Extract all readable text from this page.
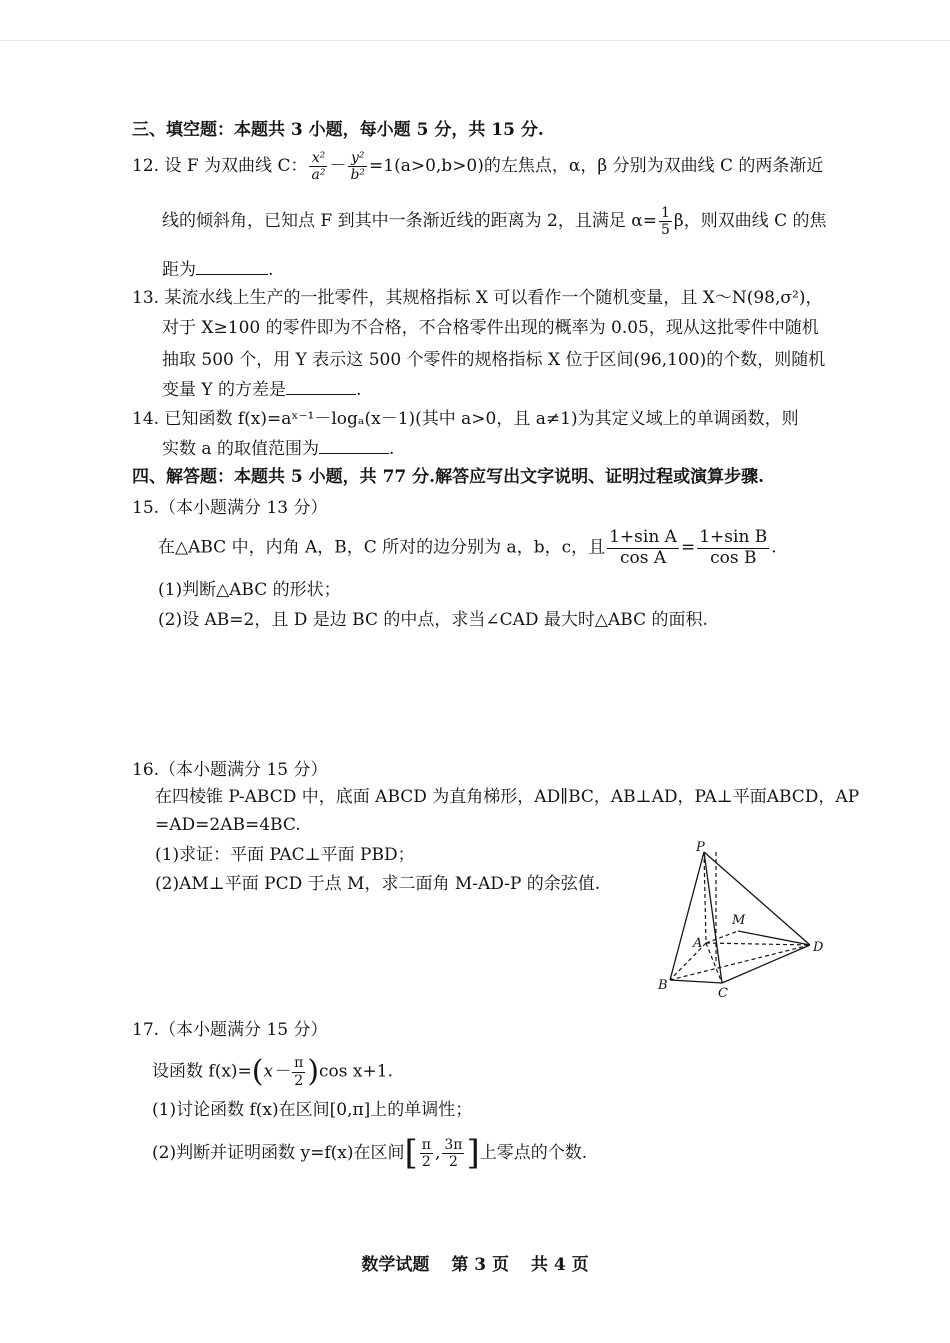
三、填空题：本题共 3 小题，每小题 5 分，共 15 分.
12. 设 F 为双曲线 C： $\frac{\text{x²}}{\text{a²}} - \frac{\text{y²}}{\text{b²}} =1(a>0,b>0)$的左焦点，α，β 分别为双曲线 C 的两条渐近
线的倾斜角，已知点 F 到其中一条渐近线的距离为 2，且满足 $\alpha= \frac{1}{5}$ β，则双曲线 C 的焦
距为	.
13. 某流水线上生产的一批零件，其规格指标 X 可以看作一个随机变量，且 X～N(98,σ²)，
对于 X≥100 的零件即为不合格，不合格零件出现的概率为 0.05，现从这批零件中随机
抽取 500 个，用 Y 表示这 500 个零件的规格指标 X 位于区间(96,100)的个数，则随机
变量 Y 的方差是	.
14. 已知函数 f(x)=aˣ⁻¹－logₐ(x－1)(其中 a>0，且 a≠1)为其定义域上的单调函数，则
实数 a 的取值范围为	.
四、解答题：本题共 5 小题，共 77 分.解答应写出文字说明、证明过程或演算步骤.
15.（本小题满分 13 分）
在△ABC 中，内角 A，B，C 所对的边分别为 a，b，c，且 $\frac{\text{1+sin A}}{\text{cos A}} = \frac{\text{1+sin B}}{\text{cos B}}$ .
(1)判断△ABC 的形状；
(2)设 AB=2，且 D 是边 BC 的中点，求当∠CAD 最大时△ABC 的面积.
16.（本小题满分 15 分）
在四棱锥 P-ABCD 中，底面 ABCD 为直角梯形，AD∥BC，AB⊥AD，PA⊥平面ABCD，AP
=AD=2AB=4BC.
(1)求证：平面 PAC⊥平面 PBD；
(2)AM⊥平面 PCD 于点 M，求二面角 M-AD-P 的余弦值.
P
A
B
C
D
M
17.（本小题满分 15 分）
设函数 $f(x)=(x- \frac{\pi}{2} )\cos$ x+1.
(1)讨论函数 f(x)在区间[0,π]上的单调性；
(2)判断并证明函数 y=f(x)在区间[ $\frac{\pi}{2}$ , $\frac{3\pi}{2}$ ]上零点的个数.
数学试题 第 3 页 共 4 页
